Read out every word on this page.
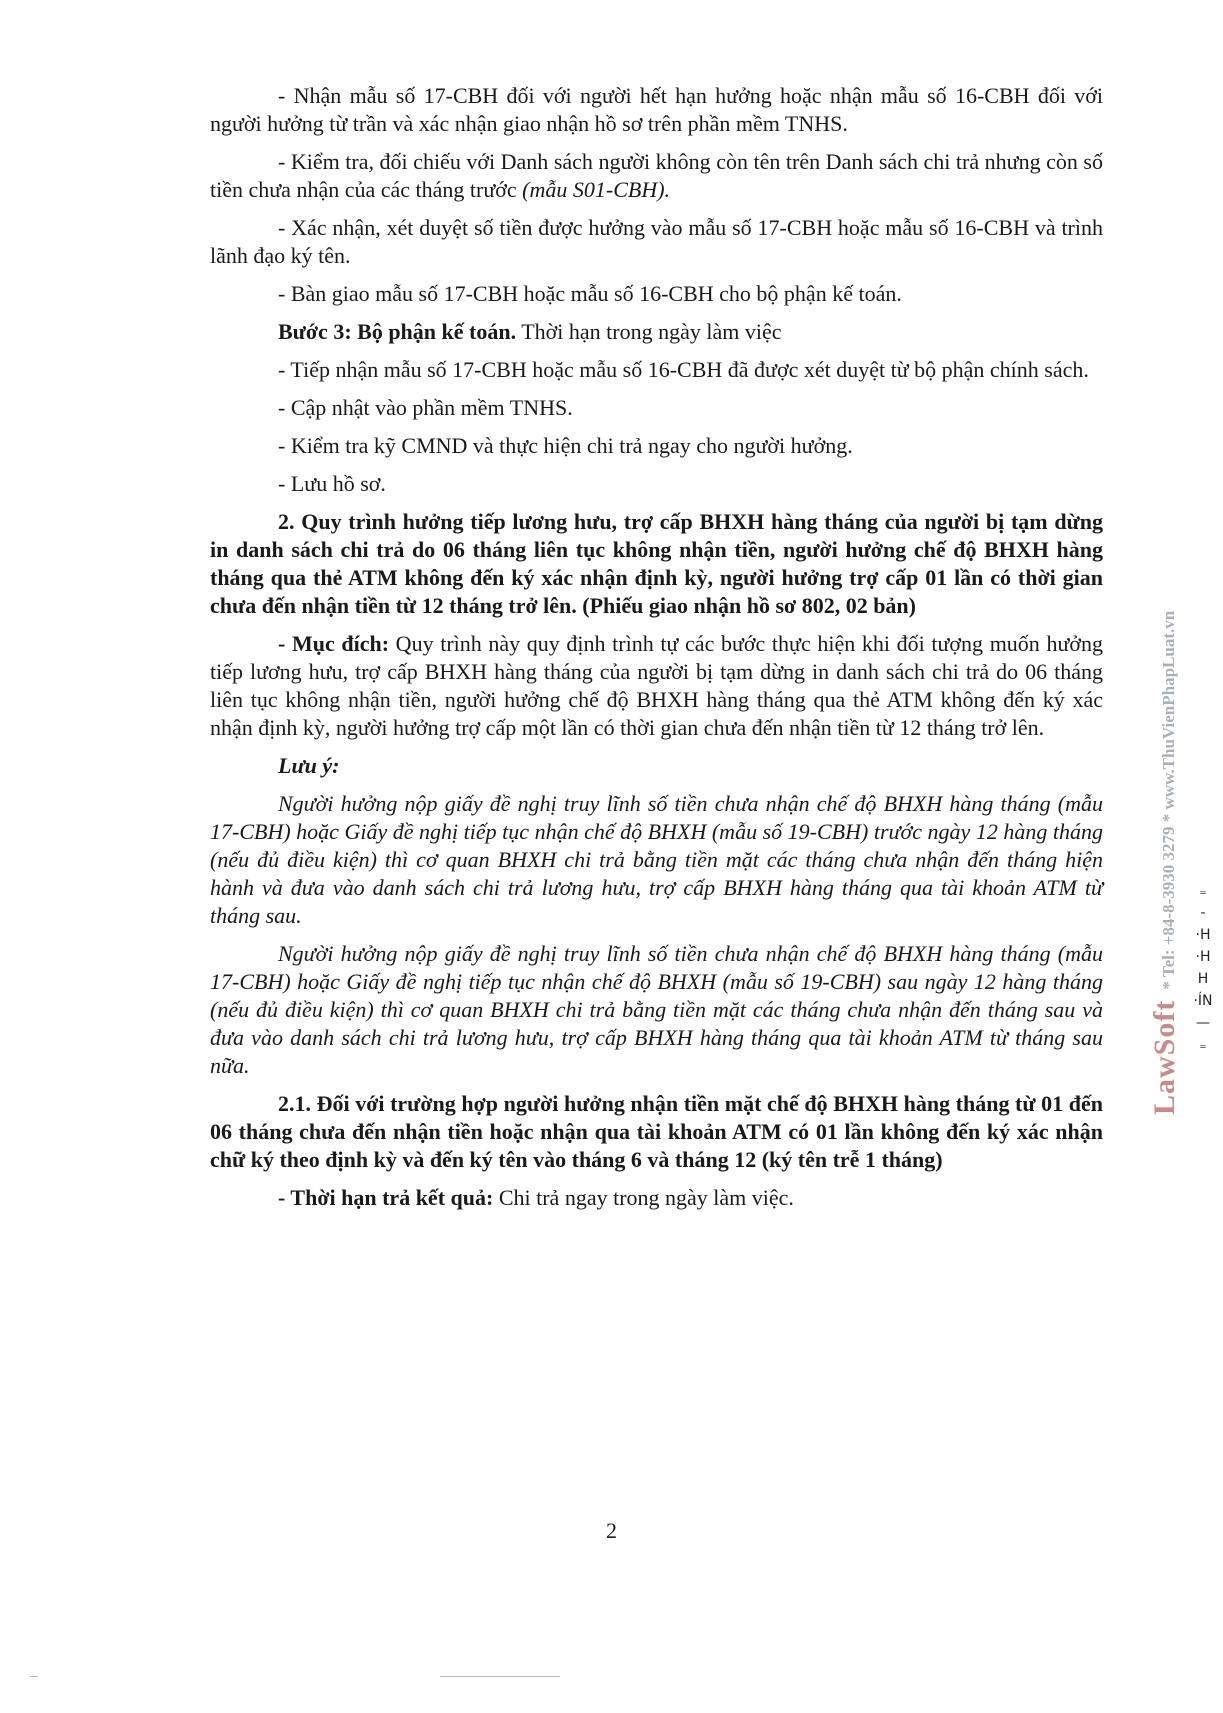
- Nhận mẫu số 17-CBH đối với người hết hạn hưởng hoặc nhận mẫu số 16-CBH đối với người hưởng từ trần và xác nhận giao nhận hồ sơ trên phần mềm TNHS.

- Kiểm tra, đối chiếu với Danh sách người không còn tên trên Danh sách chi trả nhưng còn số tiền chưa nhận của các tháng trước (mẫu S01-CBH).

- Xác nhận, xét duyệt số tiền được hưởng vào mẫu số 17-CBH hoặc mẫu số 16-CBH và trình lãnh đạo ký tên.

- Bàn giao mẫu số 17-CBH hoặc mẫu số 16-CBH cho bộ phận kế toán.

Bước 3: Bộ phận kế toán. Thời hạn trong ngày làm việc

- Tiếp nhận mẫu số 17-CBH hoặc mẫu số 16-CBH đã được xét duyệt từ bộ phận chính sách.

- Cập nhật vào phần mềm TNHS.

- Kiểm tra kỹ CMND và thực hiện chi trả ngay cho người hưởng.

- Lưu hồ sơ.

2. Quy trình hưởng tiếp lương hưu, trợ cấp BHXH hàng tháng của người bị tạm dừng in danh sách chi trả do 06 tháng liên tục không nhận tiền, người hưởng chế độ BHXH hàng tháng qua thẻ ATM không đến ký xác nhận định kỳ, người hưởng trợ cấp 01 lần có thời gian chưa đến nhận tiền từ 12 tháng trở lên. (Phiếu giao nhận hồ sơ 802, 02 bản)

- Mục đích: Quy trình này quy định trình tự các bước thực hiện khi đối tượng muốn hưởng tiếp lương hưu, trợ cấp BHXH hàng tháng của người bị tạm dừng in danh sách chi trả do 06 tháng liên tục không nhận tiền, người hưởng chế độ BHXH hàng tháng qua thẻ ATM không đến ký xác nhận định kỳ, người hưởng trợ cấp một lần có thời gian chưa đến nhận tiền từ 12 tháng trở lên.

Lưu ý:

Người hưởng nộp giấy đề nghị truy lĩnh số tiền chưa nhận chế độ BHXH hàng tháng (mẫu 17-CBH) hoặc Giấy đề nghị tiếp tục nhận chế độ BHXH (mẫu số 19-CBH) trước ngày 12 hàng tháng (nếu đủ điều kiện) thì cơ quan BHXH chi trả bằng tiền mặt các tháng chưa nhận đến tháng hiện hành và đưa vào danh sách chi trả lương hưu, trợ cấp BHXH hàng tháng qua tài khoản ATM từ tháng sau.

Người hưởng nộp giấy đề nghị truy lĩnh số tiền chưa nhận chế độ BHXH hàng tháng (mẫu 17-CBH) hoặc Giấy đề nghị tiếp tục nhận chế độ BHXH (mẫu số 19-CBH) sau ngày 12 hàng tháng (nếu đủ điều kiện) thì cơ quan BHXH chi trả bằng tiền mặt các tháng chưa nhận đến tháng sau và đưa vào danh sách chi trả lương hưu, trợ cấp BHXH hàng tháng qua tài khoản ATM từ tháng sau nữa.

2.1. Đối với trường hợp người hưởng nhận tiền mặt chế độ BHXH hàng tháng từ 01 đến 06 tháng chưa đến nhận tiền hoặc nhận qua tài khoản ATM có 01 lần không đến ký xác nhận chữ ký theo định kỳ và đến ký tên vào tháng 6 và tháng 12 (ký tên trễ 1 tháng)

- Thời hạn trả kết quả: Chi trả ngay trong ngày làm việc.

2
LawSoft* Tel: +84-8-3930 3279 * www.ThuVienPhapLuat.vn	₌
-
·H
·H
H
·ÍN
—
₌
